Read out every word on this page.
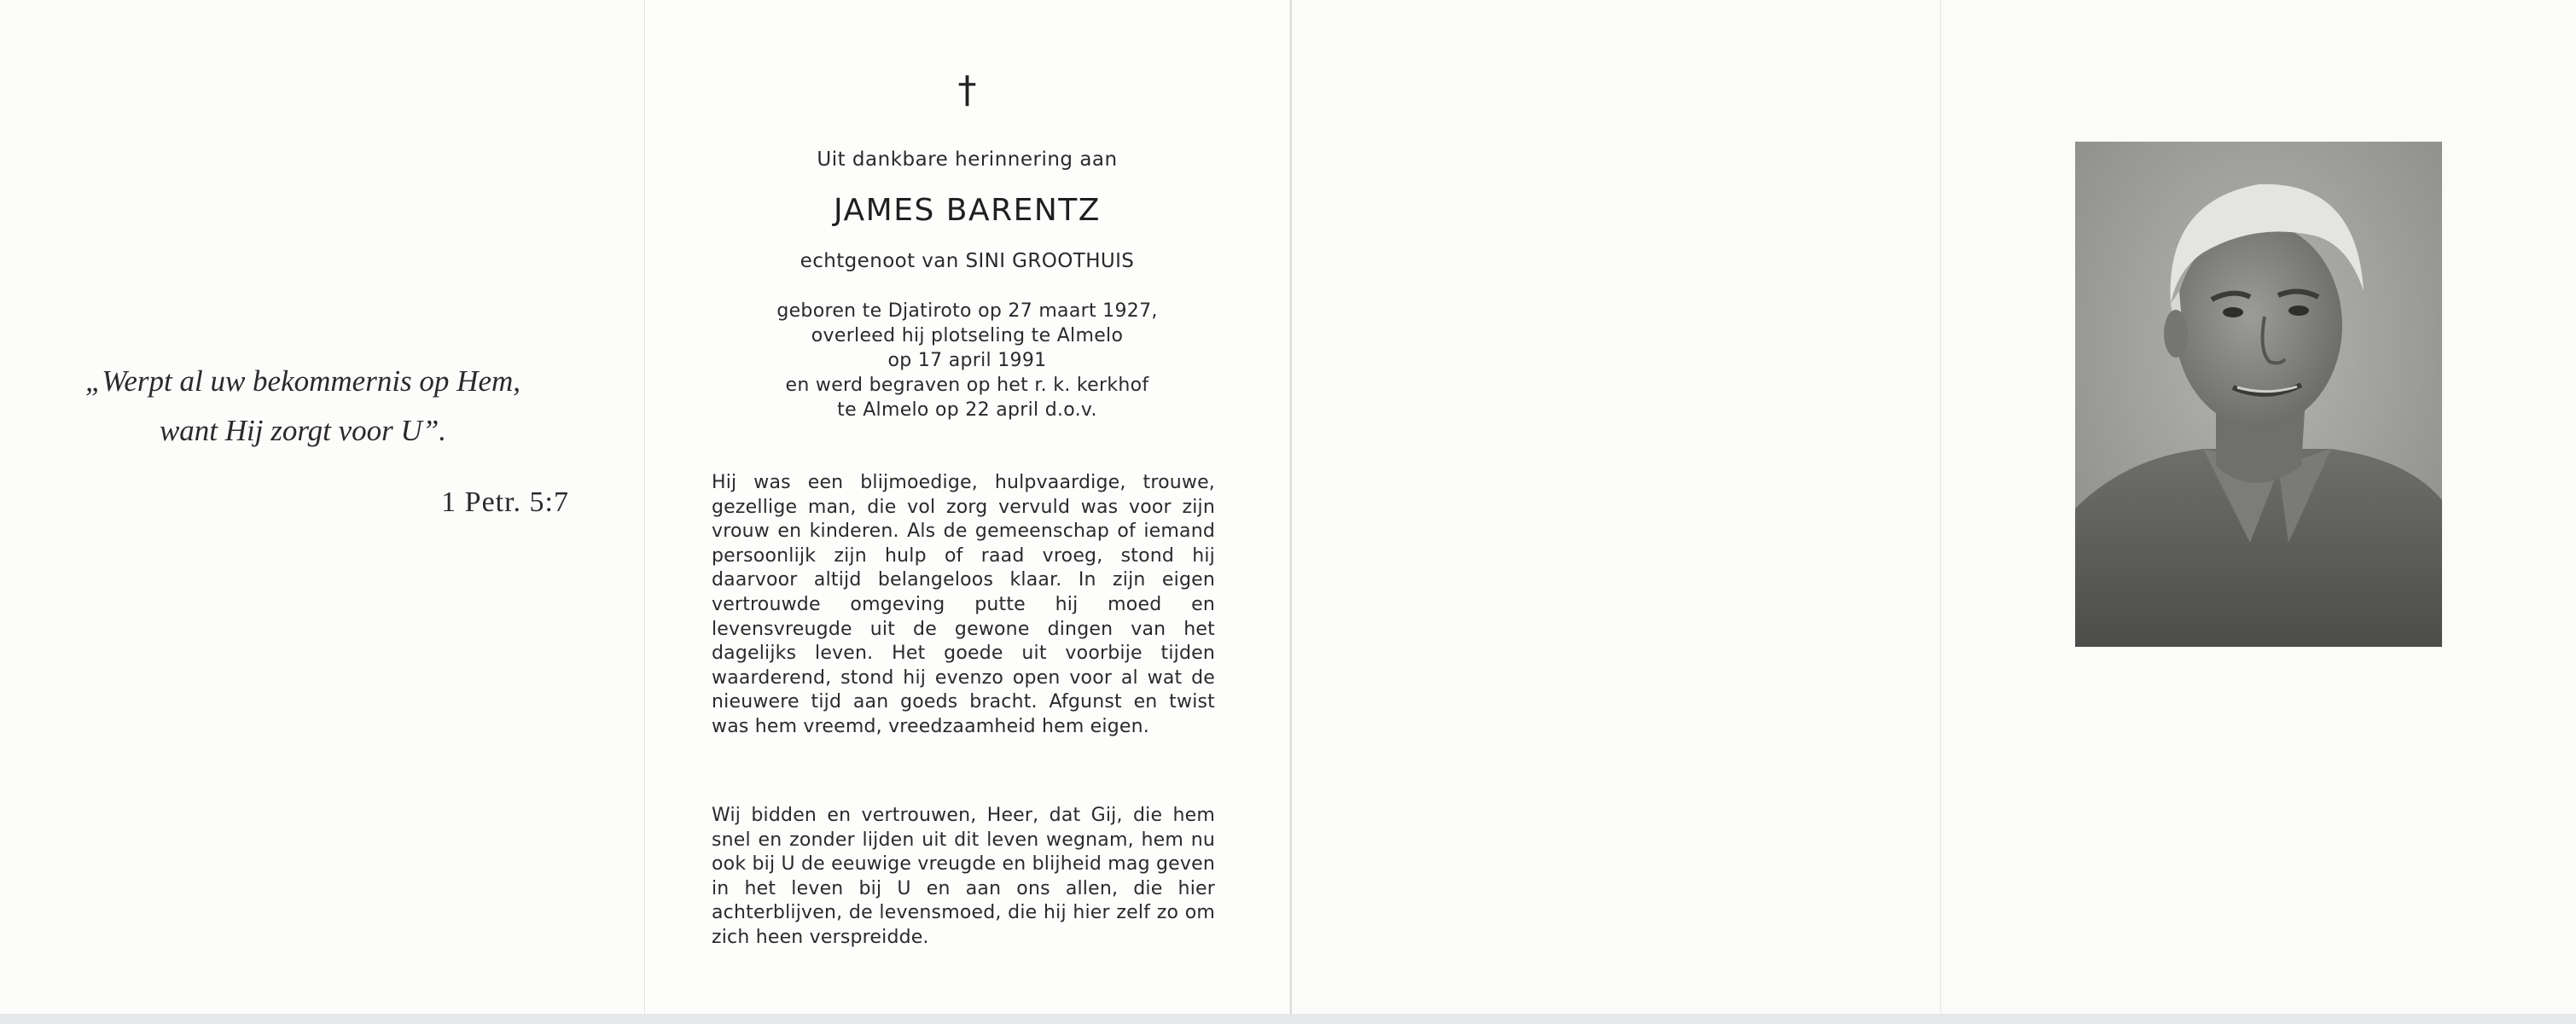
„Werpt al uw bekommernis op Hem,
want Hij zorgt voor U”.
1 Petr. 5:7
†
Uit dankbare herinnering aan
JAMES BARENTZ
echtgenoot van SINI GROOTHUIS
geboren te Djatiroto op 27 maart 1927,
overleed hij plotseling te Almelo
op 17 april 1991
en werd begraven op het r. k. kerkhof
te Almelo op 22 april d.o.v.
Hij was een blijmoedige, hulpvaardige, trouwe, gezellige man, die vol zorg vervuld was voor zijn vrouw en kinderen. Als de gemeenschap of iemand persoonlijk zijn hulp of raad vroeg, stond hij daarvoor altijd belangeloos klaar. In zijn eigen vertrouwde omgeving putte hij moed en levensvreugde uit de gewone dingen van het dagelijks leven. Het goede uit voorbije tijden waarderend, stond hij evenzo open voor al wat de nieuwere tijd aan goeds bracht. Afgunst en twist was hem vreemd, vreedzaamheid hem eigen.
Wij bidden en vertrouwen, Heer, dat Gij, die hem snel en zonder lijden uit dit leven wegnam, hem nu ook bij U de eeuwige vreugde en blijheid mag geven in het leven bij U en aan ons allen, die hier achterblijven, de levensmoed, die hij hier zelf zo om zich heen verspreidde.
